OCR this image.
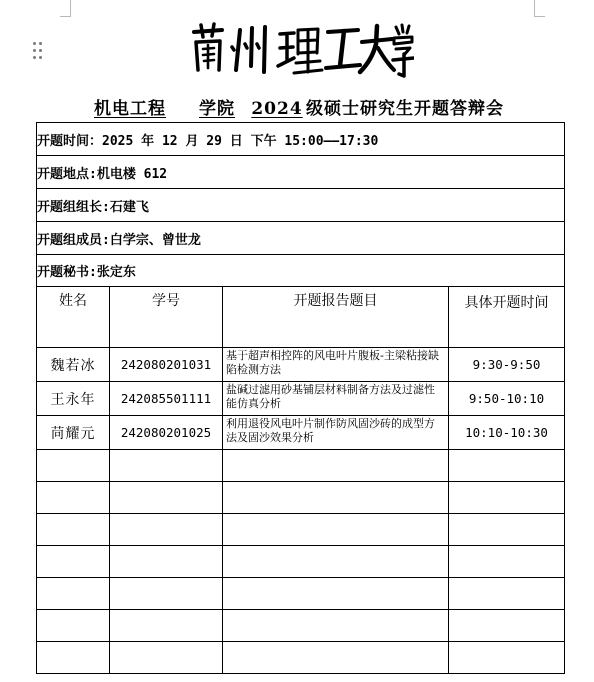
机电工程 学院 2024 级硕士研究生开题答辩会
开题时间：2025 年 12 月 29 日 下午 15:00——17:30			
开题地点:机电楼 612			
开题组组长:石建飞			
开题组成员:白学宗、曾世龙			
开题秘书:张定东			
姓名	学号	开题报告题目	具体开题时间
魏若冰	242080201031	基于超声相控阵的风电叶片腹板-主梁粘接缺陷检测方法	9:30-9:50
王永年	242085501111	盐碱过滤用砂基铺层材料制备方法及过滤性能仿真分析	9:50-10:10
苘耀元	242080201025	利用退役风电叶片制作防风固沙砖的成型方法及固沙效果分析	10:10-10:30
